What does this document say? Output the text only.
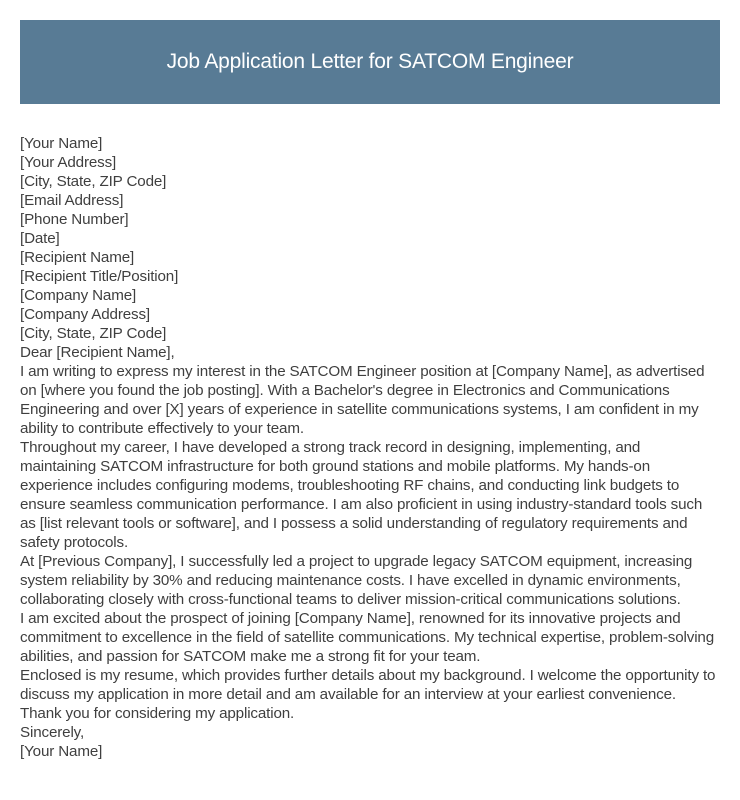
Job Application Letter for SATCOM Engineer
[Your Name]
[Your Address]
[City, State, ZIP Code]
[Email Address]
[Phone Number]
[Date]
[Recipient Name]
[Recipient Title/Position]
[Company Name]
[Company Address]
[City, State, ZIP Code]
Dear [Recipient Name],

I am writing to express my interest in the SATCOM Engineer position at [Company Name], as advertised on [where you found the job posting]. With a Bachelor's degree in Electronics and Communications Engineering and over [X] years of experience in satellite communications systems, I am confident in my ability to contribute effectively to your team.

Throughout my career, I have developed a strong track record in designing, implementing, and maintaining SATCOM infrastructure for both ground stations and mobile platforms. My hands-on experience includes configuring modems, troubleshooting RF chains, and conducting link budgets to ensure seamless communication performance. I am also proficient in using industry-standard tools such as [list relevant tools or software], and I possess a solid understanding of regulatory requirements and safety protocols.

At [Previous Company], I successfully led a project to upgrade legacy SATCOM equipment, increasing system reliability by 30% and reducing maintenance costs. I have excelled in dynamic environments, collaborating closely with cross-functional teams to deliver mission-critical communications solutions.

I am excited about the prospect of joining [Company Name], renowned for its innovative projects and commitment to excellence in the field of satellite communications. My technical expertise, problem-solving abilities, and passion for SATCOM make me a strong fit for your team.

Enclosed is my resume, which provides further details about my background. I welcome the opportunity to discuss my application in more detail and am available for an interview at your earliest convenience. Thank you for considering my application.

Sincerely,
[Your Name]
